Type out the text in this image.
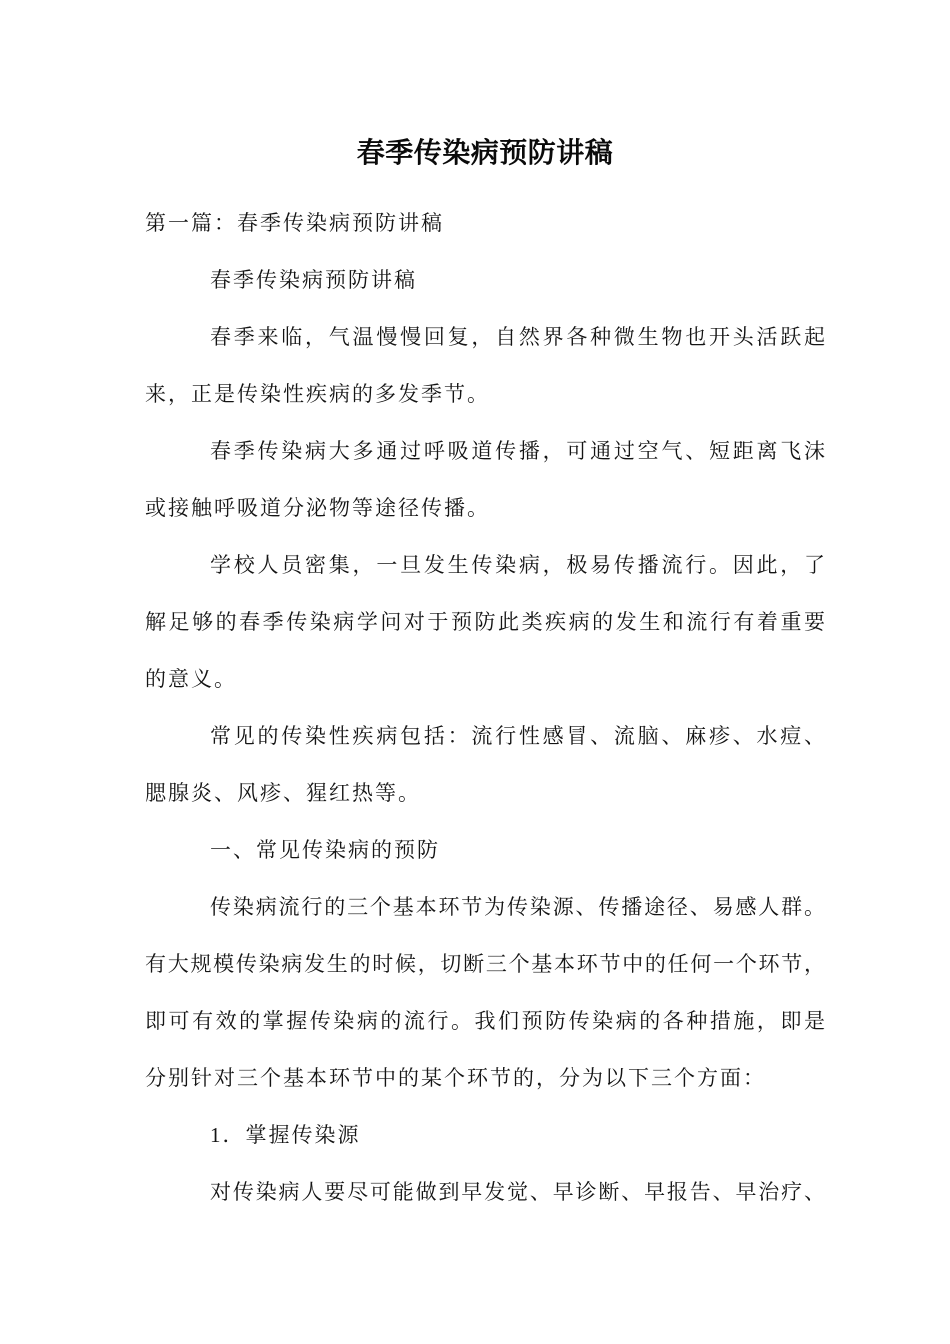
春季传染病预防讲稿
第一篇：春季传染病预防讲稿
春季传染病预防讲稿
春季来临，气温慢慢回复，自然界各种微生物也开头活跃起
来，正是传染性疾病的多发季节。
春季传染病大多通过呼吸道传播，可通过空气、短距离飞沫
或接触呼吸道分泌物等途径传播。
学校人员密集，一旦发生传染病，极易传播流行。因此，了
解足够的春季传染病学问对于预防此类疾病的发生和流行有着重要
的意义。
常见的传染性疾病包括：流行性感冒、流脑、麻疹、水痘、
腮腺炎、风疹、猩红热等。
一、常见传染病的预防
传染病流行的三个基本环节为传染源、传播途径、易感人群。
有大规模传染病发生的时候，切断三个基本环节中的任何一个环节，
即可有效的掌握传染病的流行。我们预防传染病的各种措施，即是
分别针对三个基本环节中的某个环节的，分为以下三个方面：
1．掌握传染源
对传染病人要尽可能做到早发觉、早诊断、早报告、早治疗、
